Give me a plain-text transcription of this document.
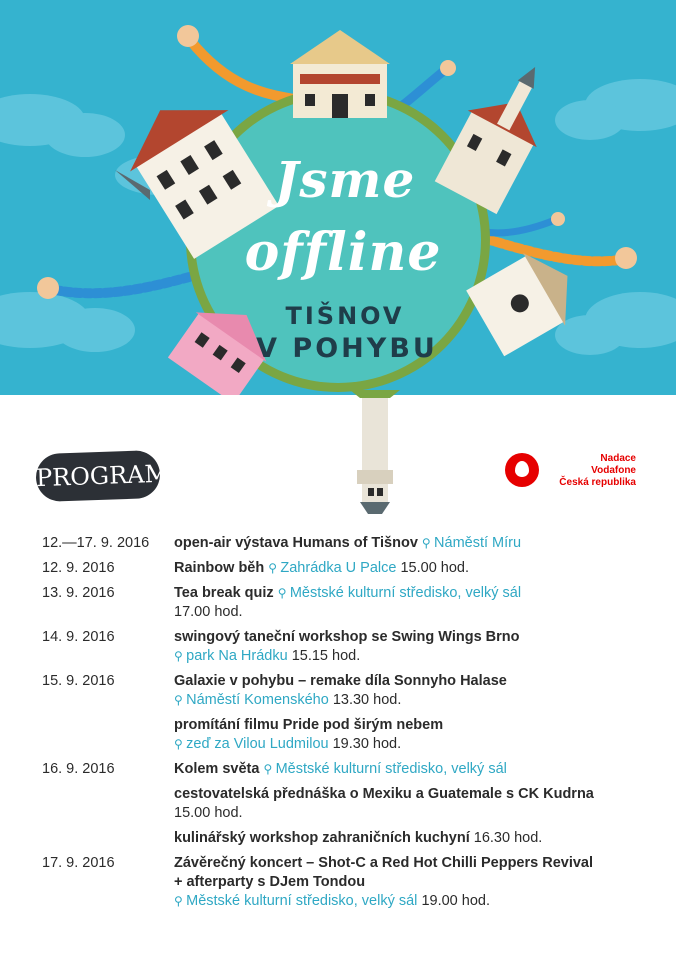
Jsme
offline
TIŠNOV
V POHYBU
PROGRAM
Nadace
Vodafone
Česká republika
12.—17. 9. 2016	open-air výstava Humans of Tišnov ⚲ Náměstí Míru
12. 9. 2016	Rainbow běh ⚲ Zahrádka U Palce 15.00 hod.
13. 9. 2016	Tea break quiz ⚲ Městské kulturní středisko, velký sál
17.00 hod.
14. 9. 2016	swingový taneční workshop se Swing Wings Brno
⚲ park Na Hrádku 15.15 hod.
15. 9. 2016	Galaxie v pohybu – remake díla Sonnyho Halase
⚲ Náměstí Komenského 13.30 hod.
promítání filmu Pride pod širým nebem
⚲ zeď za Vilou Ludmilou 19.30 hod.
16. 9. 2016	Kolem světa ⚲ Městské kulturní středisko, velký sál
cestovatelská přednáška o Mexiku a Guatemale s CK Kudrna
15.00 hod.
kulinářský workshop zahraničních kuchyní 16.30 hod.
17. 9. 2016	Závěrečný koncert – Shot-C a Red Hot Chilli Peppers Revival
+ afterparty s DJem Tondou
⚲ Městské kulturní středisko, velký sál 19.00 hod.
